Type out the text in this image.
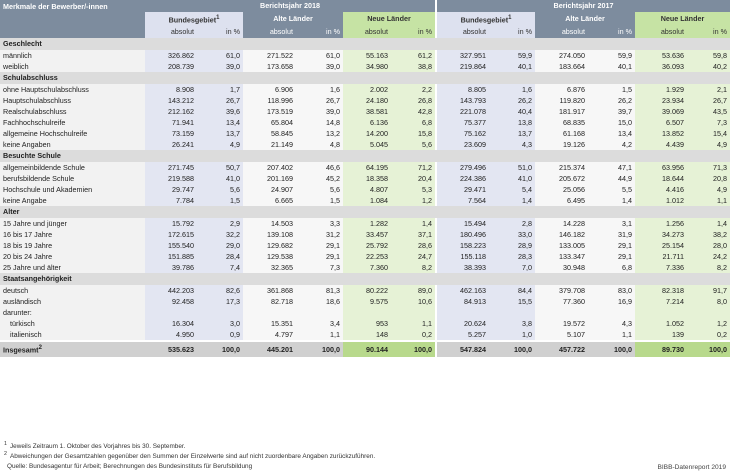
Merkmale der Bewerber/-innen	Berichtsjahr 2018						Berichtsjahr 2017					
	Bundesgebiet$^1$		Alte Länder		Neue Länder		Bundesgebiet$^1$		Alte Länder		Neue Länder	
	absolut	in %	absolut	in %	absolut	in %	absolut	in %	absolut	in %	absolut	in %
Geschlecht												
männlich	326.862	61,0	271.522	61,0	55.163	61,2	327.951	59,9	274.050	59,9	53.636	59,8
weiblich	208.739	39,0	173.658	39,0	34.980	38,8	219.864	40,1	183.664	40,1	36.093	40,2
Schulabschluss												
ohne Hauptschulabschluss	8.908	1,7	6.906	1,6	2.002	2,2	8.805	1,6	6.876	1,5	1.929	2,1
Hauptschulabschluss	143.212	26,7	118.996	26,7	24.180	26,8	143.793	26,2	119.820	26,2	23.934	26,7
Realschulabschluss	212.162	39,6	173.519	39,0	38.581	42,8	221.078	40,4	181.917	39,7	39.069	43,5
Fachhochschulreife	71.941	13,4	65.804	14,8	6.136	6,8	75.377	13,8	68.835	15,0	6.507	7,3
allgemeine Hochschulreife	73.159	13,7	58.845	13,2	14.200	15,8	75.162	13,7	61.168	13,4	13.852	15,4
keine Angaben	26.241	4,9	21.149	4,8	5.045	5,6	23.609	4,3	19.126	4,2	4.439	4,9
Besuchte Schule												
allgemeinbildende Schule	271.745	50,7	207.402	46,6	64.195	71,2	279.496	51,0	215.374	47,1	63.956	71,3
berufsbildende Schule	219.588	41,0	201.169	45,2	18.358	20,4	224.386	41,0	205.672	44,9	18.644	20,8
Hochschule und Akademien	29.747	5,6	24.907	5,6	4.807	5,3	29.471	5,4	25.056	5,5	4.416	4,9
keine Angabe	7.784	1,5	6.665	1,5	1.084	1,2	7.564	1,4	6.495	1,4	1.012	1,1
Alter												
15 Jahre und jünger	15.792	2,9	14.503	3,3	1.282	1,4	15.494	2,8	14.228	3,1	1.256	1,4
16 bis 17 Jahre	172.615	32,2	139.108	31,2	33.457	37,1	180.496	33,0	146.182	31,9	34.273	38,2
18 bis 19 Jahre	155.540	29,0	129.682	29,1	25.792	28,6	158.223	28,9	133.005	29,1	25.154	28,0
20 bis 24 Jahre	151.885	28,4	129.538	29,1	22.253	24,7	155.118	28,3	133.347	29,1	21.711	24,2
25 Jahre und älter	39.786	7,4	32.365	7,3	7.360	8,2	38.393	7,0	30.948	6,8	7.336	8,2
Staatsangehörigkeit												
deutsch	442.203	82,6	361.868	81,3	80.222	89,0	462.163	84,4	379.708	83,0	82.318	91,7
ausländisch	92.458	17,3	82.718	18,6	9.575	10,6	84.913	15,5	77.360	16,9	7.214	8,0
darunter:												
türkisch	16.304	3,0	15.351	3,4	953	1,1	20.624	3,8	19.572	4,3	1.052	1,2
italienisch	4.950	0,9	4.797	1,1	148	0,2	5.257	1,0	5.107	1,1	139	0,2
Insgesamt$^2$	535.623	100,0	445.201	100,0	90.144	100,0	547.824	100,0	457.722	100,0	89.730	100,0
$^1$ Jeweils Zeitraum 1. Oktober des Vorjahres bis 30. September.
$^2$ Abweichungen der Gesamtzahlen gegenüber den Summen der Einzelwerte sind auf nicht zuordenbare Angaben zurückzuführen.
Quelle: Bundesagentur für Arbeit; Berechnungen des Bundesinstituts für Berufsbildung	BIBB-Datenreport 2019
